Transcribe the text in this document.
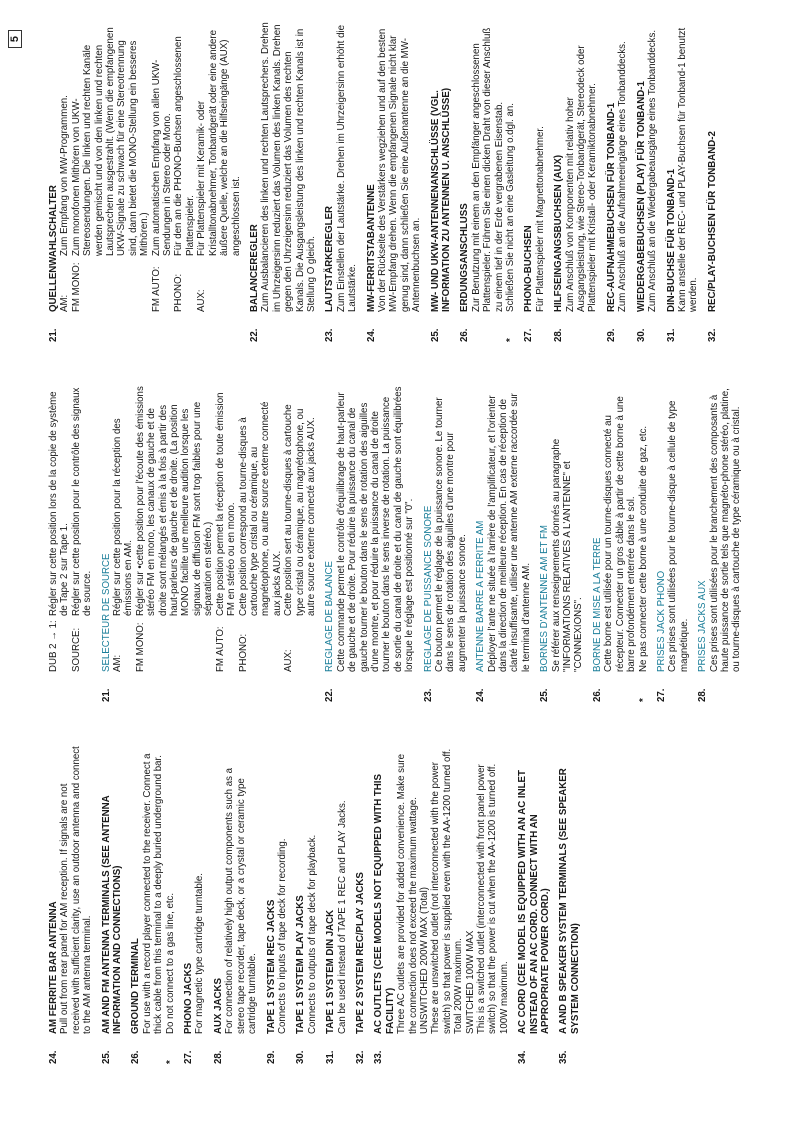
24.
AM FERRITE BAR ANTENNA Pull out from rear panel for AM reception. If signals are not received with sufficient clarity, use an outdoor antenna and connect to the AM antenna terminal.

25.
AM AND FM ANTENNA TERMINALS (SEE ANTENNA INFORMATION AND CONNECTIONS)
26.
GROUND TERMINAL For use with a record player connected to the receiver. Connect a thick cable from this terminal to a deeply buried underground bar.

*
Do not connect to a gas line, etc.
27.
PHONO JACKS For magnetic type cartridge turntable.

28.
AUX JACKS For connection of relatively high output components such as a stereo tape recorder, tape deck, or a crystal or ceramic type cartridge turntable.

29.
TAPE 1 SYSTEM REC JACKS Connects to inputs of tape deck for recording.

30.
TAPE 1 SYSTEM PLAY JACKS Connects to outputs of tape deck for playback.

31.
TAPE 1 SYSTEM DIN JACK Can be used instead of TAPE 1 REC and PLAY Jacks.

32.
TAPE 2 SYSTEM REC/PLAY JACKS
33.
AC OUTLETS (CEE MODELS NOT EQUIPPED WITH THIS FACILITY) Three AC outlets are provided for added convenience. Make sure the connection does not exceed the maximum wattage. UNSWITCHED 200W MAX (Total) These are unswitched outlet (not interconnected with the power switch) so that power is supplied even with the AA-1200 turned off. Total 200W maximum. SWITCHED 100W MAX This is a switched outlet (interconnected with front panel power switch) so that the power is cut when the AA-1200 is turned off. 100W maximum.

34.
AC CORD (CEE MODEL IS EQUIPPED WITH AN AC INLET INSTEAD OF AN AC CORD. CONNECT WITH AN APPROPRIATE POWER CORD.)
35.
A AND B SPEAKER SYSTEM TERMINALS (SEE SPEAKER SYSTEM CONNECTION)
DUB 2 → 1:
Régler sur cette position lors de la copie de système de Tape 2 sur Tape 1.
SOURCE:
Régler sur cette position pour le contrôle des signaux de source.
21.
SELECTEUR DE SOURCE AM:
Régler sur cette position pour la réception des émissions en AM.
FM MONO:
Régler sur •cette position pour l'écoute des émissions stéréo FM en mono, les canaux de gauche et de droite sont mélangés et émis à la fois à partir des haut-parleurs de gauche et de droite. (La position MONO facilite une meilleure audition lorsque les signaux de diffusion FM sont trop faibles pour une séparation en stéréo.)
FM AUTO:
Cette position permet la réception de toute émission FM en stéréo ou en mono.
PHONO:
Cette position correspond au tourne-disques à cartouche type cristal ou céramique, au magnétophone, ou autre source externe connecté aux jacks AUX.
AUX:
Cette position sert au tourne-disques à cartouche type cristal ou céramique, au magnétophone, ou autre source externe connecté aux jacks AUX.
22.
REGLAGE DE BALANCE Cette commande permet le contrôle d'équilibrage de haut-parleur de gauche et de droite. Pour réduire la puissance du canal de gauche tourner le bouton dans le sens de rotation des aiguilles d'une montre, et pour réduire la puissance du canal de droite tourner le bouton dans le sens inverse de rotation. La puissance de sortie du canal de droite et du canal de gauche sont équilibrées lorsque le réglage est positionné sur "0".

23.
REGLAGE DE PUISSANCE SONORE Ce bouton permet le réglage de la puissance sonore. Le tourner dans le sens de rotation des aiguilles d'une montre pour augmenter la puissance sonore.

24.
ANTENNE BARRE A FERRITE AM Déployer l'ante ne située à l'arrière de l'amplificateur, et l'orienter dans la direction de meilleure réception. En cas de réception de clarté insuffisante, utiliser une antenne AM externe raccordée sur le terminal d'antenne AM.

25.
BORNES D'ANTENNE AM ET FM Se référer aux renseignements donnés au paragraphe "INFORMATIONS RELATIVES A L'ANTENNE" et "CONNEXIONS".

26.
BORNE DE MISE A LA TERRE Cette borne est utilisée pour un tourne-disques connecté au récepteur. Connecter un gros câble à partir de cette borne à une barre profondément enterrée dans le sol.

*
Ne pas connecter cette borne à une conduite de gaz, etc.
27.
PRISES JACK PHONO Ces prises sont utilisées pour le tourne-disque à cellule de type magnétique.

28.
PRISES JACKS AUX Ces prises sont utilisées pour le branchement des composants à haute puissance de sortie tels que magnéto-phone stéréo, platine, ou tourne-disques à cartouche de type céramique ou à cristal.

21.
QUELLENWAHLSCHALTER AM:
Zum Empfang von MW-Programmen.
FM MONO:
Zum monofonen Mithören von UKW-Stereosendungen. Die linken und rechten Kanäle werden gemischt und von den linken und rechten Lautsprechern ausgestrahlt. (Wenn die empfangenen UKW-Signale zu schwach für eine Stereotrennung sind, dann bietet die MONO-Stellung ein besseres Mithören.)
FM AUTO:
Zum automatischen Empfang von allen UKW-Sendungen in Stereo oder Mono.
PHONO:
Für den an die PHONO-Buchsen angeschlossenen Plattenspieler.
AUX:
Für Plattenspieler mit Keramik- oder Kristalltonabnehmer, Tonbandgerät oder eine andere äußere Quelle, welche an die Hilfseingänge (AUX) angeschlossen ist.
22.
BALANCEREGLER Zum Ausbalancieren des linken und rechten Lautsprechers. Drehen im Uhrzeigersinn reduziert das Volumen des linken Kanals. Drehen gegen den Uhrzeigersinn reduziert das Volumen des rechten Kanals. Die Ausgangsleistung des linken und rechten Kanals ist in Stellung O gleich.

23.
LAUTSTÄRKEREGLER Zum Einstellen der Lautstärke. Drehen im Uhrzeigersinn erhöht die Lautstärke.

24.
MW-FERRITSTABANTENNE Von der Rückseite des Verstärkers wegziehen und auf den besten MW-Empfang drehen. Wenn die empfangenen Signale nicht klar genug sind, dann schließen Sie eine Außenantenne an die MW-Antennenbuchsen an.

25.
MW- UND UKW-ANTENNENANSCHLÜSSE (VGL. INFORMATION ZU ANTENNEN U. ANSCHLÜSSE)
26.
ERDUNGSANSCHLUSS Zur Benutzung mit einem an den Empfänger angeschlossenen Plattenspieler. Führen Sie einen dicken Draht von dieser Anschluß zu einem tief in der Erde vergrabenen Eisenstab.

*
Schließen Sie nicht an eine Gasleitung o.dgl. an.
27.
PHONO-BUCHSEN Für Plattenspieler mit Magnettonabnehmer.

28.
HILFSEINGANGSBUCHSEN (AUX) Zum Anschluß von Komponenten mit relativ hoher Ausgangsleistung, wie Stereo-Tonbandgerät, Stereodeck oder Plattenspieler mit Kristall- oder Keramiktonabnehmer.

29.
REC-AUFNAHMEBUCHSEN FÜR TONBAND-1 Zum Anschluß an die Aufnahmeeingänge eines Tonbanddecks.

30.
WIEDERGABEBUCHSEN (PLAY) FÜR TONBAND-1 Zum Anschluß an die Wiedergabeausgänge eines Tonbanddecks.

31.
DIN-BUCHSE FÜR TONBAND-1 Kann anstelle der REC- und PLAY-Buchsen für Tonband-1 benutzt werden.

32.
REC/PLAY-BUCHSEN FÜR TONBAND-2
5
